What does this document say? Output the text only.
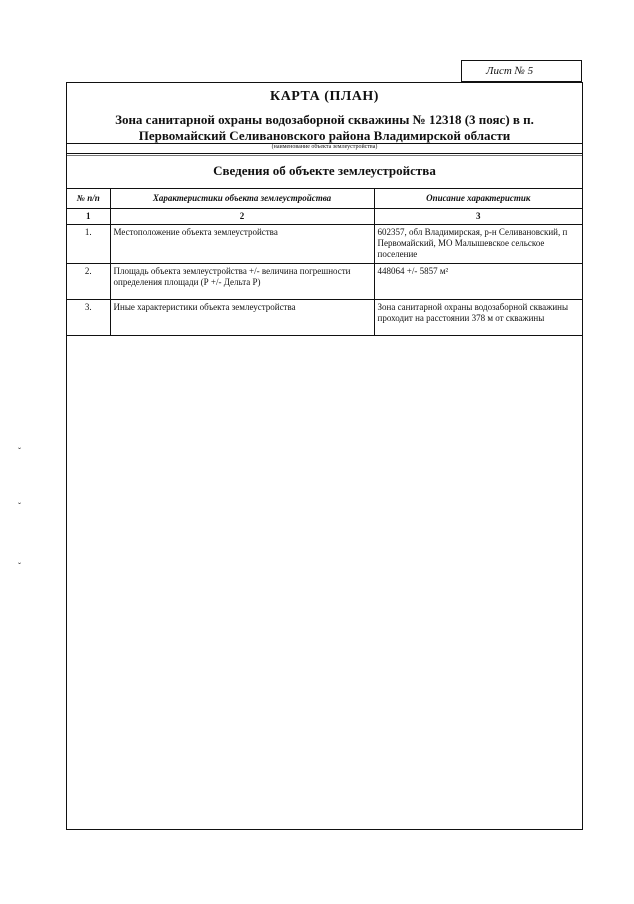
Лист № 5
КАРТА (ПЛАН)
Зона санитарной охраны водозаборной скважины № 12318 (3 пояс) в п.
Первомайский Селивановского района Владимирской области
(наименование объекта землеустройства)
Сведения об объекте землеустройства
№ п/п	Характеристики объекта землеустройства	Описание характеристик
1	2	3
1.	Местоположение объекта землеустройства	602357, обл Владимирская, р-н Селивановский, п Первомайский, МО Малышевское сельское поселение
2.	Площадь объекта землеустройства +/- величина погрешности определения площади (Р +/- Дельта Р)	448064 +/- 5857 м²
3.	Иные характеристики объекта землеустройства	Зона санитарной охраны водозаборной скважины проходит на расстоянии 378 м от скважины
ˇ
ˇ
ˇ
